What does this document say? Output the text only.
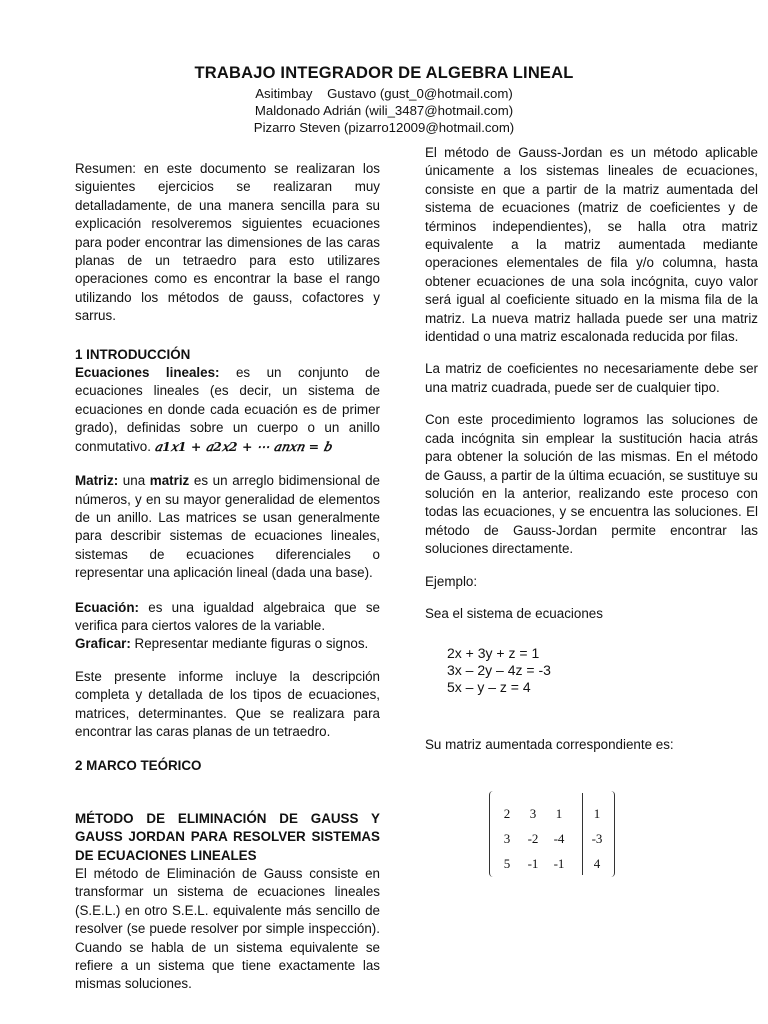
TRABAJO INTEGRADOR DE ALGEBRA LINEAL
Asitimbay    Gustavo (gust_0@hotmail.com)
Maldonado Adrián (wili_3487@hotmail.com)
Pizarro Steven (pizarro12009@hotmail.com)

Resumen: en este documento se realizaran los siguientes ejercicios se realizaran muy detalladamente, de una manera sencilla para su explicación resolveremos siguientes ecuaciones para poder encontrar las dimensiones de las caras planas de un tetraedro para esto utilizares operaciones como es encontrar la base el rango utilizando los métodos de gauss, cofactores y sarrus.

1 INTRODUCCIÓN

Ecuaciones lineales: es un conjunto de ecuaciones lineales (es decir, un sistema de ecuaciones en donde cada ecuación es de primer grado), definidas sobre un cuerpo o un anillo conmutativo. 𝑎1𝑥1 + 𝑎2𝑥2 + ⋯ 𝑎𝑛𝑥𝑛 = 𝑏

Matriz: una matriz es un arreglo bidimensional de números, y en su mayor generalidad de elementos de un anillo. Las matrices se usan generalmente para describir sistemas de ecuaciones lineales, sistemas de ecuaciones diferenciales o representar una aplicación lineal (dada una base).

Ecuación: es una igualdad algebraica que se verifica para ciertos valores de la variable.

Graficar: Representar mediante figuras o signos.

Este presente informe incluye la descripción completa y detallada de los tipos de ecuaciones, matrices, determinantes. Que se realizara para encontrar las caras planas de un tetraedro.

2 MARCO TEÓRICO

MÉTODO DE ELIMINACIÓN DE GAUSS Y GAUSS JORDAN PARA RESOLVER SISTEMAS DE ECUACIONES LINEALES

El método de Eliminación de Gauss consiste en transformar un sistema de ecuaciones lineales (S.E.L.) en otro S.E.L. equivalente más sencillo de resolver (se puede resolver por simple inspección). Cuando se habla de un sistema equivalente se refiere a un sistema que tiene exactamente las mismas soluciones.

El método de Gauss-Jordan es un método aplicable únicamente a los sistemas lineales de ecuaciones, consiste en que a partir de la matriz aumentada del sistema de ecuaciones (matriz de coeficientes y de términos independientes), se halla otra matriz equivalente a la matriz aumentada mediante operaciones elementales de fila y/o columna, hasta obtener ecuaciones de una sola incógnita, cuyo valor será igual al coeficiente situado en la misma fila de la matriz. La nueva matriz hallada puede ser una matriz identidad o una matriz escalonada reducida por filas.

La matriz de coeficientes no necesariamente debe ser una matriz cuadrada, puede ser de cualquier tipo.

Con este procedimiento logramos las soluciones de cada incógnita sin emplear la sustitución hacia atrás para obtener la solución de las mismas. En el método de Gauss, a partir de la última ecuación, se sustituye su solución en la anterior, realizando este proceso con todas las ecuaciones, y se encuentra las soluciones. El método de Gauss-Jordan permite encontrar las soluciones directamente.

Ejemplo:

Sea el sistema de ecuaciones

2x + 3y + z = 1
3x – 2y – 4z = -3
5x – y – z = 4

Su matriz aumentada correspondiente es:

2	3	1	1
3	-2	-4	-3
5	-1	-1	4
